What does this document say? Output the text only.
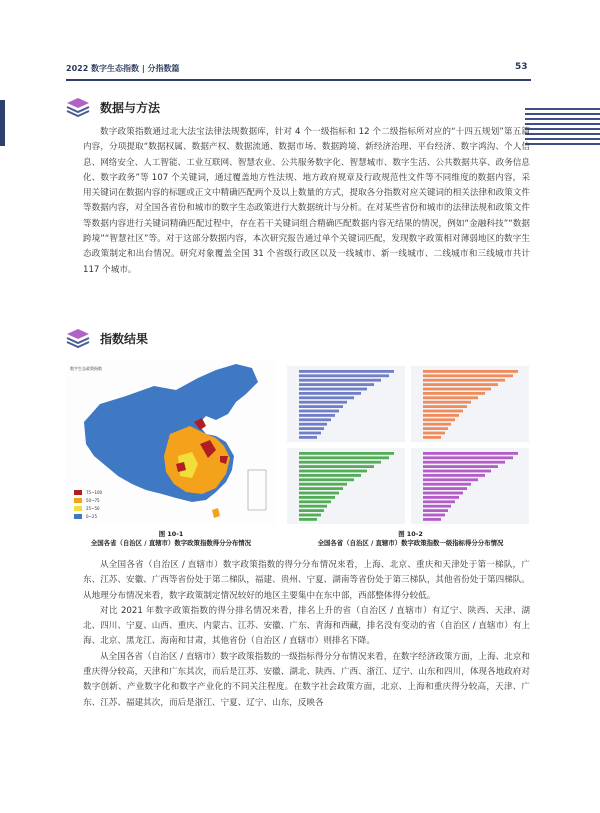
2022 数字生态指数 | 分指数篇	53
数据与方法

数字政策指数通过北大法宝法律法规数据库，针对 4 个一级指标和 12 个二级指标所对应的“十四五规划”第五篇内容，分项提取“数据权属、数据产权、数据流通、数据市场、数据跨境、新经济治理、平台经济、数字鸿沟、个人信息、网络安全、人工智能、工业互联网、智慧农业、公共服务数字化、智慧城市、数字生活、公共数据共享、政务信息化、数字政务”等 107 个关键词，通过覆盖地方性法规、地方政府规章及行政规范性文件等不同维度的数据内容，采用关键词在数据内容的标题或正文中精确匹配两个及以上数量的方式，提取各分指数对应关键词的相关法律和政策文件等数据内容，对全国各省份和城市的数字生态政策进行大数据统计与分析。在对某些省份和城市的法律法规和政策文件等数据内容进行关键词精确匹配过程中，存在若干关键词组合精确匹配数据内容无结果的情况，例如“金融科技”“数据跨境”“智慧社区”等。对于这部分数据内容，本次研究报告通过单个关键词匹配，发现数字政策相对薄弱地区的数字生态政策制定和出台情况。研究对象覆盖全国 31 个省级行政区以及一线城市、新一线城市、二线城市和三线城市共计 117 个城市。

指数结果
数字生态政策指数
75~100
50~75
25~50
0~25
图 10-1
全国各省（自治区 / 直辖市）数字政策指数得分分布情况
图 10-2
全国各省（自治区 / 直辖市）数字政策指数一级指标得分分布情况

从全国各省（自治区 / 直辖市）数字政策指数的得分分布情况来看，上海、北京、重庆和天津处于第一梯队，广东、江苏、安徽、广西等省份处于第二梯队，福建、贵州、宁夏、湖南等省份处于第三梯队，其他省份处于第四梯队。从地理分布情况来看，数字政策制定情况较好的地区主要集中在东中部，西部整体得分较低。

对比 2021 年数字政策指数的得分排名情况来看，排名上升的省（自治区 / 直辖市）有辽宁、陕西、天津、湖北、四川、宁夏、山西、重庆、内蒙古、江苏、安徽、广东、青海和西藏，排名没有变动的省（自治区 / 直辖市）有上海、北京、黑龙江、海南和甘肃，其他省份（自治区 / 直辖市）则排名下降。

从全国各省（自治区 / 直辖市）数字政策指数的一级指标得分分布情况来看，在数字经济政策方面，上海、北京和重庆得分较高，天津和广东其次，而后是江苏、安徽、湖北、陕西、广西、浙江、辽宁、山东和四川，体现各地政府对数字创新、产业数字化和数字产业化的不同关注程度。在数字社会政策方面，北京、上海和重庆得分较高，天津、广东、江苏、福建其次，而后是浙江、宁夏、辽宁、山东，反映各
